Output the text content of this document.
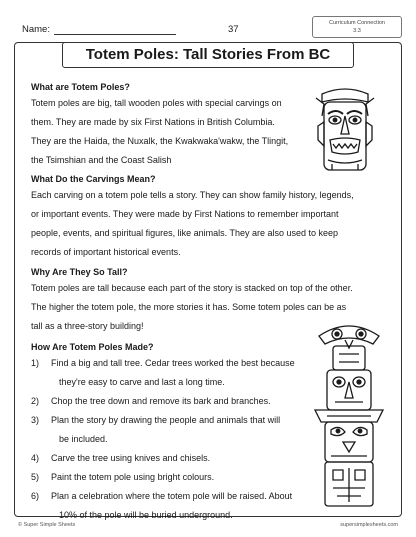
Name:	37
Curriculum Connection
3.3
Totem Poles: Tall Stories From BC
What are Totem Poles?

Totem poles are big, tall wooden poles with special carvings on

them. They are made by six First Nations in British Columbia.

They are the Haida, the Nuxalk, the Kwakwaka'wakw, the Tlingit,

the Tsimshian and the Coast Salish

What Do the Carvings Mean?

Each carving on a totem pole tells a story. They can show family history, legends,

or important events. They were made by First Nations to remember important

people, events, and spiritual figures, like animals. They are also used to keep

records of important historical events.

Why Are They So Tall?

Totem poles are tall because each part of the story is stacked on top of the other.

The higher the totem pole, the more stories it has. Some totem poles can be as

tall as a three-story building!

How Are Totem Poles Made?
1) Find a big and tall tree. Cedar trees worked the best because
they're easy to carve and last a long time.
2) Chop the tree down and remove its bark and branches.
3) Plan the story by drawing the people and animals that will
be included.
4) Carve the tree using knives and chisels.
5) Paint the totem pole using bright colours.
6) Plan a celebration where the totem pole will be raised. About
10% of the pole will be buried underground.
© Super Simple Sheets	supersimplesheets.com
